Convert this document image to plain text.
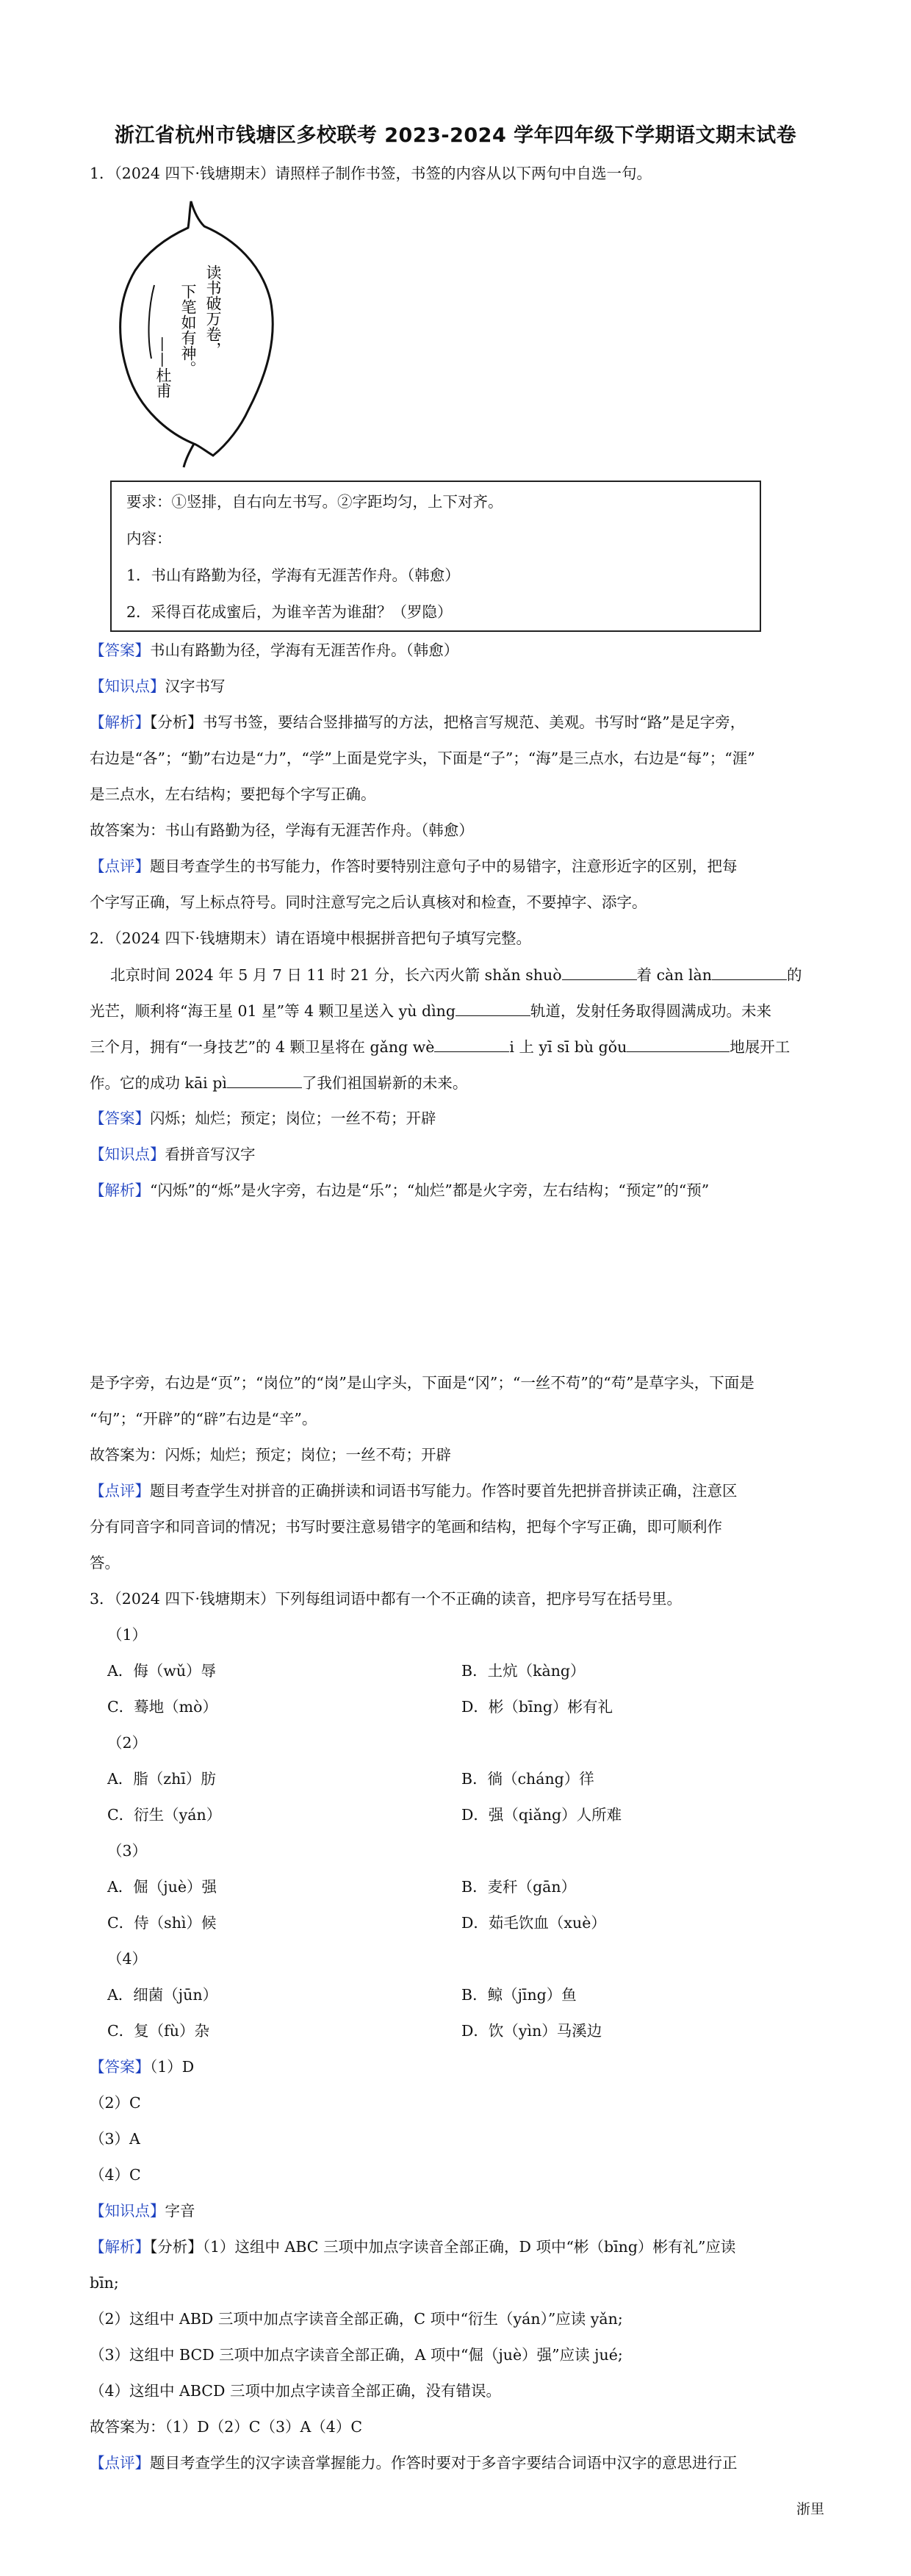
浙江省杭州市钱塘区多校联考 2023-2024 学年四年级下学期语文期末试卷
1．（2024 四下·钱塘期末）请照样子制作书签，书签的内容从以下两句中自选一句。
读书破万卷，
下笔如有神。
——杜甫
要求：①竖排，自右向左书写。②字距均匀，上下对齐。
内容：
1．书山有路勤为径，学海有无涯苦作舟。（韩愈）
2．采得百花成蜜后，为谁辛苦为谁甜？（罗隐）
【答案】书山有路勤为径，学海有无涯苦作舟。（韩愈）
【知识点】汉字书写
【解析】【分析】书写书签，要结合竖排描写的方法，把格言写规范、美观。书写时“路”是足字旁，
右边是“各”；“勤”右边是“力”，“学”上面是党字头，下面是“子”；“海”是三点水，右边是“每”；“涯”
是三点水，左右结构；要把每个字写正确。
故答案为：书山有路勤为径，学海有无涯苦作舟。（韩愈）
【点评】题目考查学生的书写能力，作答时要特别注意句子中的易错字，注意形近字的区别，把每
个字写正确，写上标点符号。同时注意写完之后认真核对和检查，不要掉字、添字。
2．（2024 四下·钱塘期末）请在语境中根据拼音把句子填写完整。
北京时间 2024 年 5 月 7 日 11 时 21 分，长六丙火箭 shǎn shuò	着 càn làn	的
光芒，顺利将“海王星 01 星”等 4 颗卫星送入 yù dìng	轨道，发射任务取得圆满成功。未来
三个月，拥有“一身技艺”的 4 颗卫星将在 gǎng wè	i 上 yī sī bù gǒu	地展开工
作。它的成功 kāi pì	了我们祖国崭新的未来。
【答案】闪烁；灿烂；预定；岗位；一丝不苟；开辟
【知识点】看拼音写汉字
【解析】“闪烁”的“烁”是火字旁，右边是“乐”；“灿烂”都是火字旁，左右结构；“预定”的“预”
是予字旁，右边是“页”；“岗位”的“岗”是山字头，下面是“冈”；“一丝不苟”的“苟”是草字头，下面是
“句”；“开辟”的“辟”右边是“辛”。
故答案为：闪烁；灿烂；预定；岗位；一丝不苟；开辟
【点评】题目考查学生对拼音的正确拼读和词语书写能力。作答时要首先把拼音拼读正确，注意区
分有同音字和同音词的情况；书写时要注意易错字的笔画和结构，把每个字写正确，即可顺利作
答。
3．（2024 四下·钱塘期末）下列每组词语中都有一个不正确的读音，把序号写在括号里。
（1）
A．侮（wǔ）辱	B．土炕（kàng）
C．蓦地（mò）	D．彬（bīng）彬有礼
（2）
A．脂（zhī）肪	B．徜（cháng）徉
C．衍生（yán）	D．强（qiǎng）人所难
（3）
A．倔（juè）强	B．麦秆（gān）
C．侍（shì）候	D．茹毛饮血（xuè）
（4）
A．细菌（jūn）	B．鲸（jīng）鱼
C．复（fù）杂	D．饮（yìn）马溪边
【答案】（1）D
（2）C
（3）A
（4）C
【知识点】字音
【解析】【分析】（1）这组中 ABC 三项中加点字读音全部正确，D 项中“彬（bīng）彬有礼”应读
bīn;
（2）这组中 ABD 三项中加点字读音全部正确，C 项中“衍生（yán）”应读 yǎn;
（3）这组中 BCD 三项中加点字读音全部正确，A 项中“倔（juè）强”应读 jué;
（4）这组中 ABCD 三项中加点字读音全部正确，没有错误。
故答案为：（1）D（2）C（3）A（4）C
【点评】题目考查学生的汉字读音掌握能力。作答时要对于多音字要结合词语中汉字的意思进行正
浙里
